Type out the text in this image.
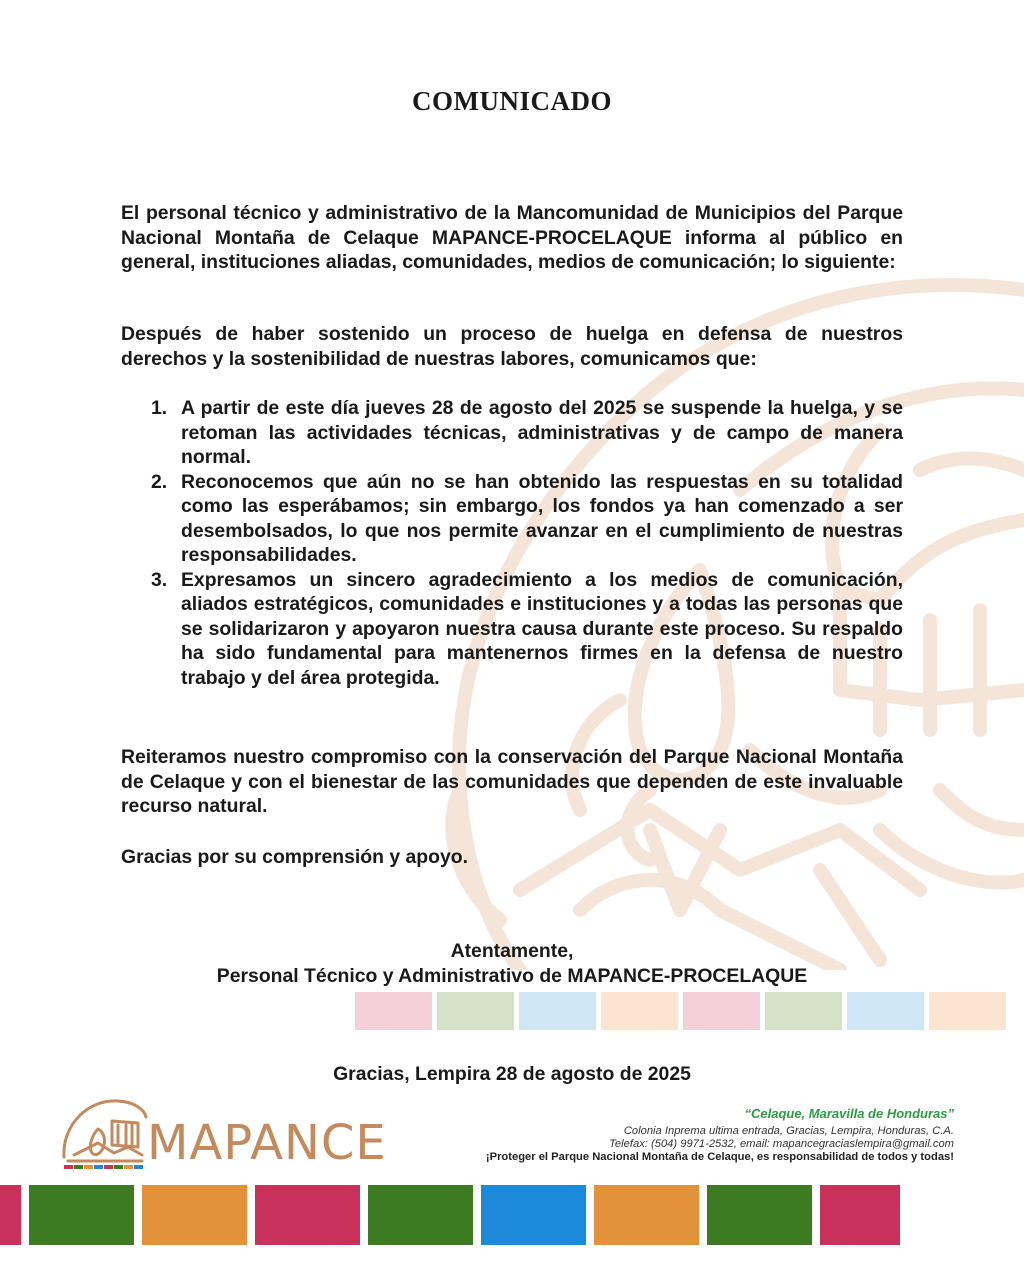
COMUNICADO

El personal técnico y administrativo de la Mancomunidad de Municipios del Parque Nacional Montaña de Celaque MAPANCE-PROCELAQUE informa al público en general, instituciones aliadas, comunidades, medios de comunicación; lo siguiente:

Después de haber sostenido un proceso de huelga en defensa de nuestros derechos y la sostenibilidad de nuestras labores, comunicamos que:

1. A partir de este día jueves 28 de agosto del 2025 se suspende la huelga, y se retoman las actividades técnicas, administrativas y de campo de manera normal.
2. Reconocemos que aún no se han obtenido las respuestas en su totalidad como las esperábamos; sin embargo, los fondos ya han comenzado a ser desembolsados, lo que nos permite avanzar en el cumplimiento de nuestras responsabilidades.
3. Expresamos un sincero agradecimiento a los medios de comunicación, aliados estratégicos, comunidades e instituciones y a todas las personas que se solidarizaron y apoyaron nuestra causa durante este proceso. Su respaldo ha sido fundamental para mantenernos firmes en la defensa de nuestro trabajo y del área protegida.

Reiteramos nuestro compromiso con la conservación del Parque Nacional Montaña de Celaque y con el bienestar de las comunidades que dependen de este invaluable recurso natural.

Gracias por su comprensión y apoyo.

Atentamente,

Personal Técnico y Administrativo de MAPANCE-PROCELAQUE

Gracias, Lempira 28 de agosto de 2025

MAPANCE

“Celaque, Maravilla de Honduras”

Colonia Inprema ultima entrada, Gracias, Lempira, Honduras, C.A.

Telefax: (504) 9971-2532, email: mapancegraciaslempira@gmail.com

¡Proteger el Parque Nacional Montaña de Celaque, es responsabilidad de todos y todas!
